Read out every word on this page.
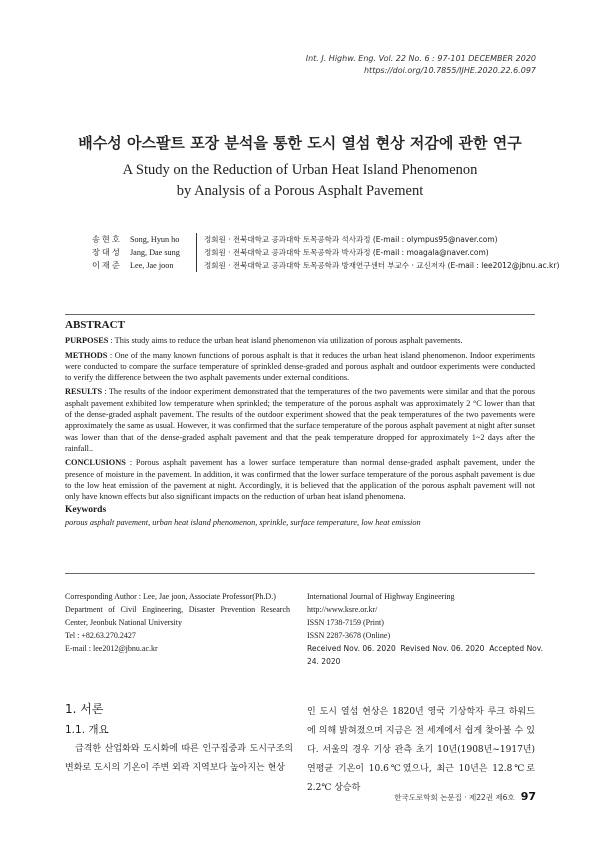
Int. J. Highw. Eng. Vol. 22 No. 6 : 97-101 DECEMBER 2020
https://doi.org/10.7855/IJHE.2020.22.6.097
배수성 아스팔트 포장 분석을 통한 도시 열섬 현상 저감에 관한 연구
A Study on the Reduction of Urban Heat Island Phenomenon
by Analysis of a Porous Asphalt Pavement
송현호	Song, Hyun ho	정회원 · 전북대학교 공과대학 토목공학과 석사과정 (E-mail : olympus95@naver.com)
장대성	Jang, Dae sung	정회원 · 전북대학교 공과대학 토목공학과 박사과정 (E-mail : moagala@naver.com)
이재준	Lee, Jae joon	정회원 · 전북대학교 공과대학 토목공학과 방재연구센터 부교수 · 교신저자 (E-mail : lee2012@jbnu.ac.kr)
ABSTRACT

PURPOSES : This study aims to reduce the urban heat island phenomenon via utilization of porous asphalt pavements.

METHODS : One of the many known functions of porous asphalt is that it reduces the urban heat island phenomenon. Indoor experiments were conducted to compare the surface temperature of sprinkled dense-graded and porous asphalt and outdoor experiments were conducted to verify the difference between the two asphalt pavements under external conditions.

RESULTS : The results of the indoor experiment demonstrated that the temperatures of the two pavements were similar and that the porous asphalt pavement exhibited low temperature when sprinkled; the temperature of the porous asphalt was approximately 2 °C lower than that of the dense-graded asphalt pavement. The results of the outdoor experiment showed that the peak temperatures of the two pavements were approximately the same as usual. However, it was confirmed that the surface temperature of the porous asphalt pavement at night after sunset was lower than that of the dense-graded asphalt pavement and that the peak temperature dropped for approximately 1~2 days after the rainfall..

CONCLUSIONS : Porous asphalt pavement has a lower surface temperature than normal dense-graded asphalt pavement, under the presence of moisture in the pavement. In addition, it was confirmed that the lower surface temperature of the porous asphalt pavement is due to the low heat emission of the pavement at night. Accordingly, it is believed that the application of the porous asphalt pavement will not only have known effects but also significant impacts on the reduction of urban heat island phenomena.

Keywords
porous asphalt pavement, urban heat island phenomenon, sprinkle, surface temperature, low heat emission
Corresponding Author : Lee, Jae joon, Associate Professor(Ph.D.)
Department of Civil Engineering, Disaster Prevention Research Center, Jeonbuk National University
Tel : +82.63.270.2427
E-mail : lee2012@jbnu.ac.kr
International Journal of Highway Engineering
http://www.ksre.or.kr/
ISSN 1738-7159 (Print)
ISSN 2287-3678 (Online)
Received Nov. 06. 2020 Revised Nov. 06. 2020 Accepted Nov. 24. 2020
1. 서론
1.1. 개요
급격한 산업화와 도시화에 따른 인구집중과 도시구조의 변화로 도시의 기온이 주변 외곽 지역보다 높아지는 현상
인 도시 열섬 현상은 1820년 영국 기상학자 루크 하워드에 의해 밝혀졌으며 지금은 전 세계에서 쉽게 찾아볼 수 있다. 서울의 경우 기상 관측 초기 10년(1908년~1917년) 연평균 기온이 10.6℃였으나, 최근 10년은 12.8℃로 2.2℃ 상승하
한국도로학회 논문집 · 제22권 제6호 97
